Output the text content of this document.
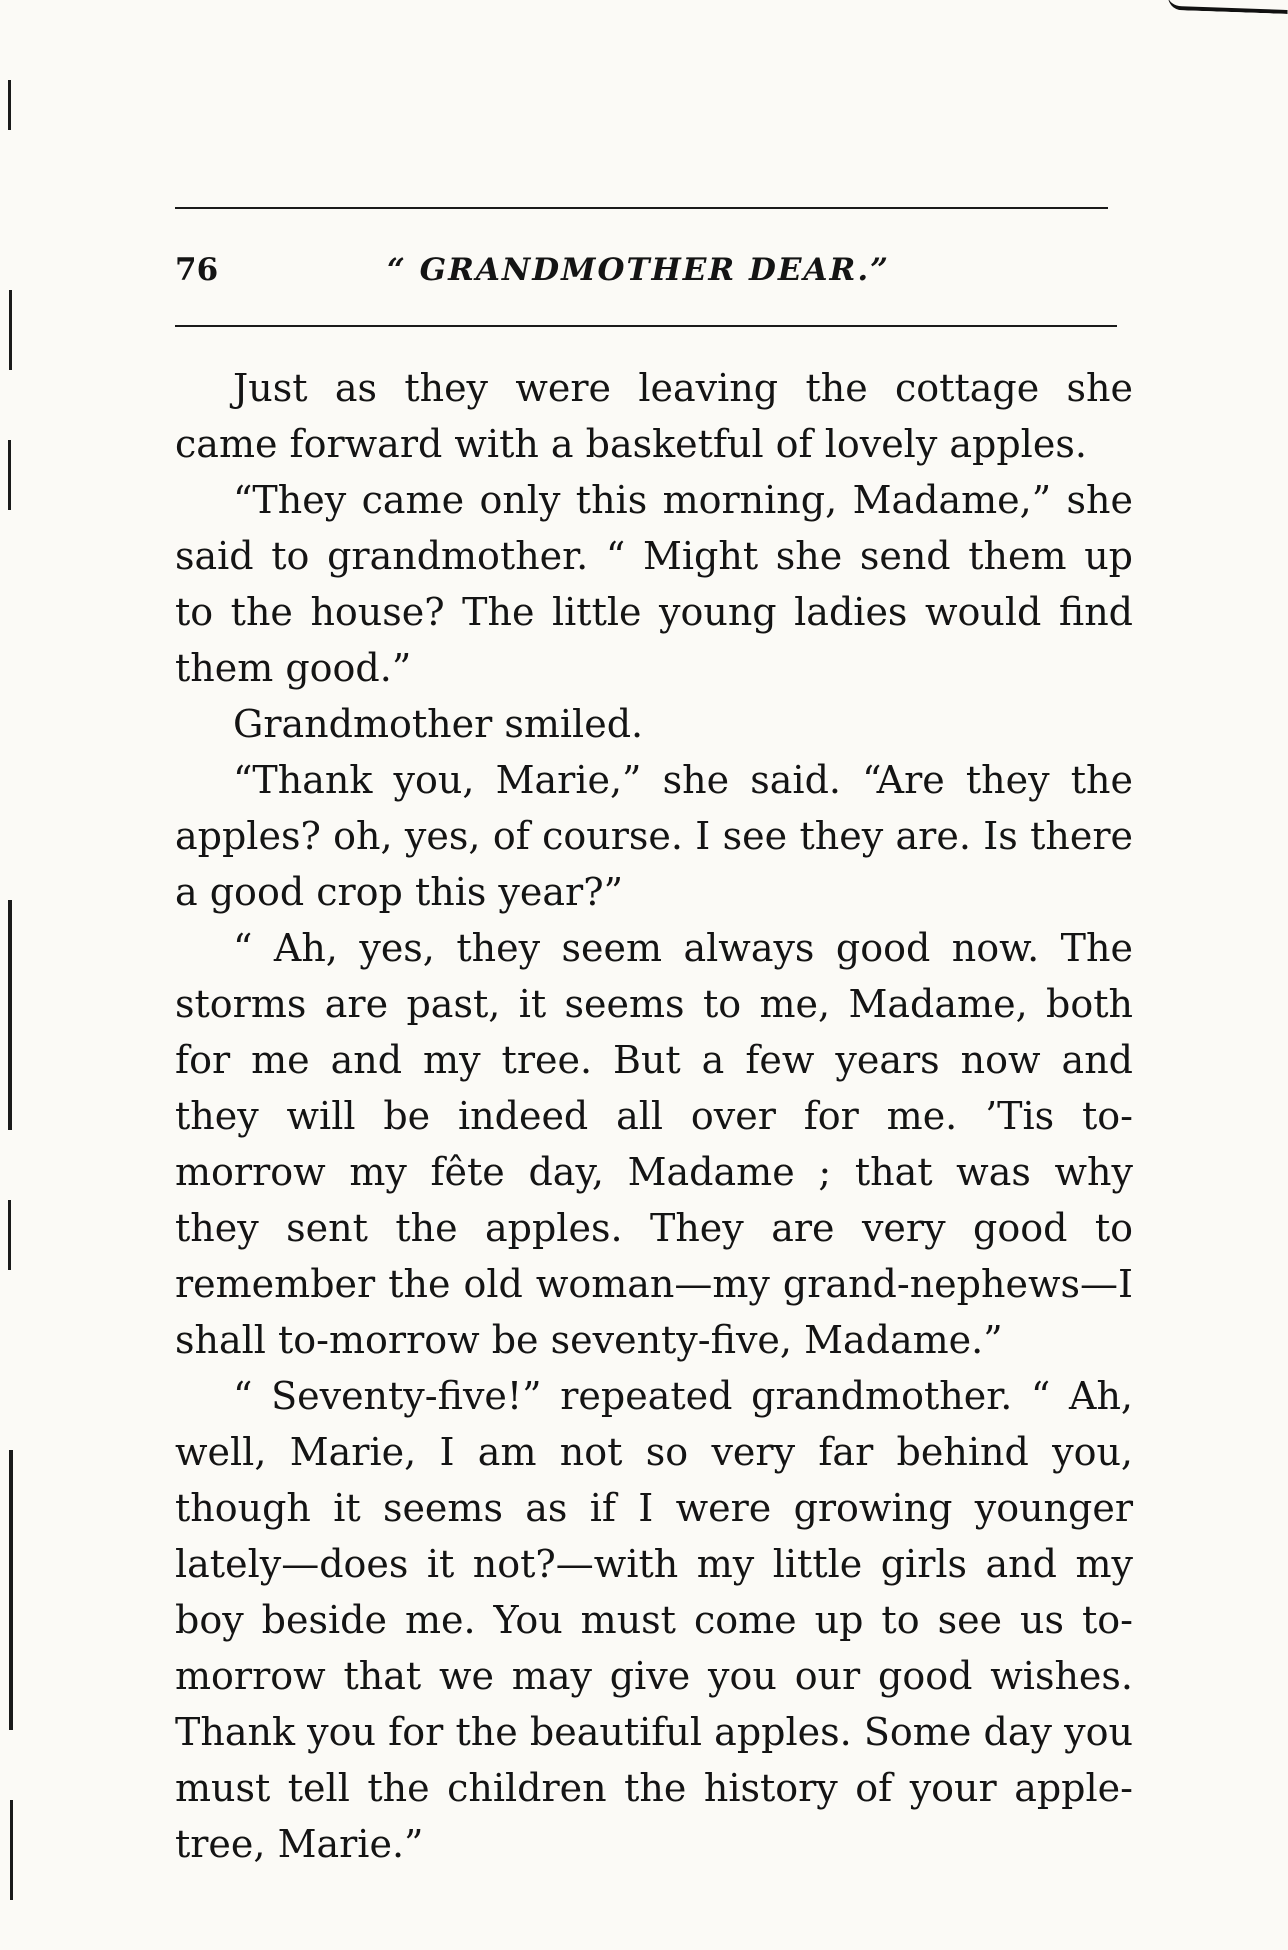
76	“ GRANDMOTHER DEAR.”

Just as they were leaving the cottage she came forward with a basketful of lovely apples.

“They came only this morning, Madame,” she said to grandmother. “ Might she send them up to the house? The little young ladies would find them good.”

Grandmother smiled.

“Thank you, Marie,” she said. “Are they the apples? oh, yes, of course. I see they are. Is there a good crop this year?”

“ Ah, yes, they seem always good now. The storms are past, it seems to me, Madame, both for me and my tree. But a few years now and they will be indeed all over for me. ’Tis to-morrow my fête day, Madame ; that was why they sent the apples. They are very good to remember the old woman—my grand-nephews—I shall to-morrow be seventy-five, Madame.”

“ Seventy-five!” repeated grandmother. “ Ah, well, Marie, I am not so very far behind you, though it seems as if I were growing younger lately—does it not?—with my little girls and my boy beside me. You must come up to see us to-morrow that we may give you our good wishes. Thank you for the beautiful apples. Some day you must tell the children the history of your apple-tree, Marie.”
